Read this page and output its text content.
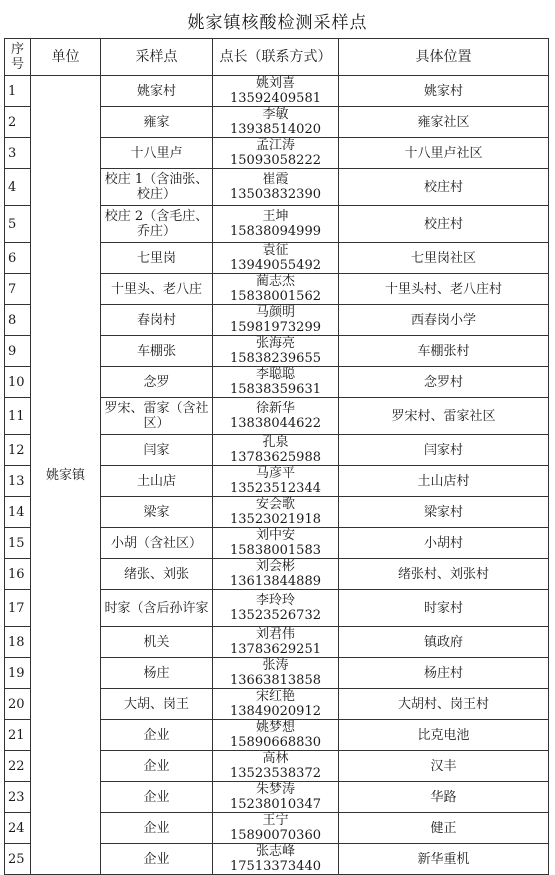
姚家镇核酸检测采样点
序号	单位	采样点	点长（联系方式）	具体位置
1	姚家镇	姚家村	姚刘喜 13592409581	姚家村
2		雍家	李敏 13938514020	雍家社区
3		十八里卢	孟江涛 15093058222	十八里卢社区
4		校庄 1（含油张、校庄）	崔霞 13503832390	校庄村
5		校庄 2（含毛庄、乔庄）	王坤 15838094999	校庄村
6		七里岗	袁征 13949055492	七里岗社区
7		十里头、老八庄	蔺志杰 15838001562	十里头村、老八庄村
8		春岗村	马颜明 15981973299	西春岗小学
9		车棚张	张海亮 15838239655	车棚张村
10		念罗	李聪聪 15838359631	念罗村
11		罗宋、雷家（含社区）	徐新华 13838044622	罗宋村、雷家社区
12		闫家	孔泉 13783625988	闫家村
13		土山店	马彦平 13523512344	土山店村
14		梁家	安会歌 13523021918	梁家村
15		小胡（含社区）	刘中安 15838001583	小胡村
16		绪张、刘张	刘会彬 13613844889	绪张村、刘张村
17		时家（含后孙许家	李玲玲 13523526732	时家村
18		机关	刘君伟 13783629251	镇政府
19		杨庄	张涛 13663813858	杨庄村
20		大胡、岗王	宋红艳 13849020912	大胡村、岗王村
21		企业	姚梦想 15890668830	比克电池
22		企业	高林 13523538372	汉丰
23		企业	朱梦涛 15238010347	华路
24		企业	王宁 15890070360	健正
25		企业	张志峰 17513373440	新华重机
